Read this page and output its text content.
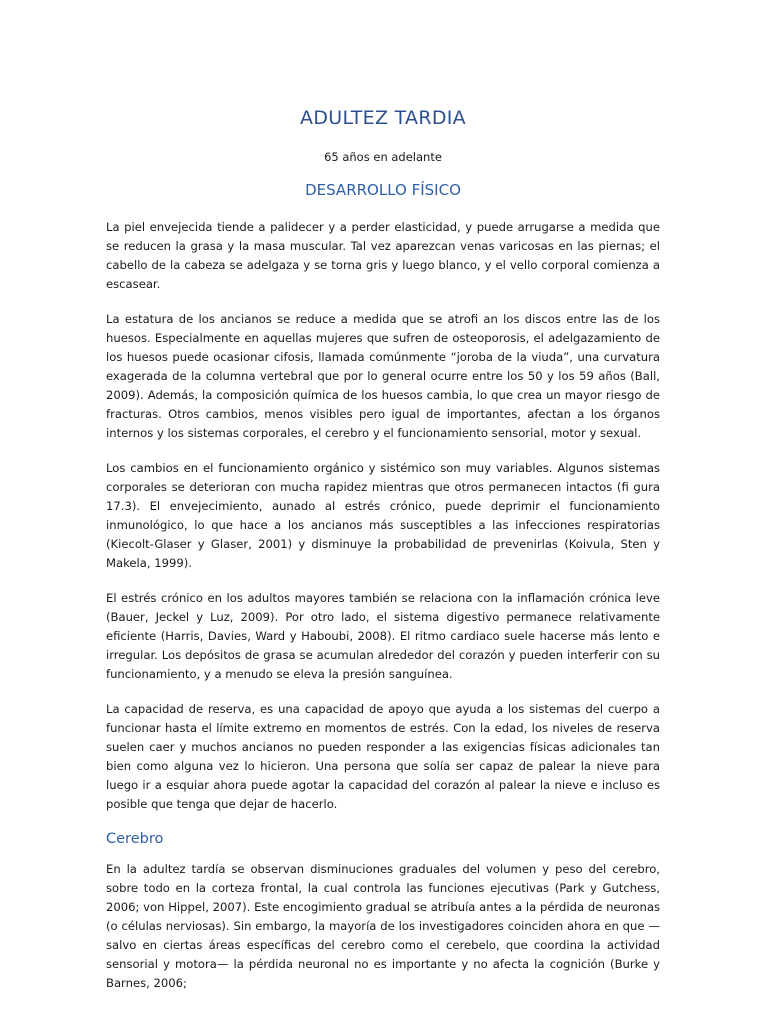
ADULTEZ TARDIA

65 años en adelante

DESARROLLO FÍSICO

La piel envejecida tiende a palidecer y a perder elasticidad, y puede arrugarse a medida que se reducen la grasa y la masa muscular. Tal vez aparezcan venas varicosas en las piernas; el cabello de la cabeza se adelgaza y se torna gris y luego blanco, y el vello corporal comienza a escasear.

La estatura de los ancianos se reduce a medida que se atrofi an los discos entre las de los huesos. Especialmente en aquellas mujeres que sufren de osteoporosis, el adelgazamiento de los huesos puede ocasionar cifosis, llamada comúnmente “joroba de la viuda”, una curvatura exagerada de la columna vertebral que por lo general ocurre entre los 50 y los 59 años (Ball, 2009). Además, la composición química de los huesos cambia, lo que crea un mayor riesgo de fracturas. Otros cambios, menos visibles pero igual de importantes, afectan a los órganos internos y los sistemas corporales, el cerebro y el funcionamiento sensorial, motor y sexual.

Los cambios en el funcionamiento orgánico y sistémico son muy variables. Algunos sistemas corporales se deterioran con mucha rapidez mientras que otros permanecen intactos (fi gura 17.3). El envejecimiento, aunado al estrés crónico, puede deprimir el funcionamiento inmunológico, lo que hace a los ancianos más susceptibles a las infecciones respiratorias (Kiecolt-Glaser y Glaser, 2001) y disminuye la probabilidad de prevenirlas (Koivula, Sten y Makela, 1999).

El estrés crónico en los adultos mayores también se relaciona con la inflamación crónica leve (Bauer, Jeckel y Luz, 2009). Por otro lado, el sistema digestivo permanece relativamente eficiente (Harris, Davies, Ward y Haboubi, 2008). El ritmo cardiaco suele hacerse más lento e irregular. Los depósitos de grasa se acumulan alrededor del corazón y pueden interferir con su funcionamiento, y a menudo se eleva la presión sanguínea.

La capacidad de reserva, es una capacidad de apoyo que ayuda a los sistemas del cuerpo a funcionar hasta el límite extremo en momentos de estrés. Con la edad, los niveles de reserva suelen caer y muchos ancianos no pueden responder a las exigencias físicas adicionales tan bien como alguna vez lo hicieron. Una persona que solía ser capaz de palear la nieve para luego ir a esquiar ahora puede agotar la capacidad del corazón al palear la nieve e incluso es posible que tenga que dejar de hacerlo.

Cerebro

En la adultez tardía se observan disminuciones graduales del volumen y peso del cerebro, sobre todo en la corteza frontal, la cual controla las funciones ejecutivas (Park y Gutchess, 2006; von Hippel, 2007). Este encogimiento gradual se atribuía antes a la pérdida de neuronas (o células nerviosas). Sin embargo, la mayoría de los investigadores coinciden ahora en que —salvo en ciertas áreas específicas del cerebro como el cerebelo, que coordina la actividad sensorial y motora— la pérdida neuronal no es importante y no afecta la cognición (Burke y Barnes, 2006;
